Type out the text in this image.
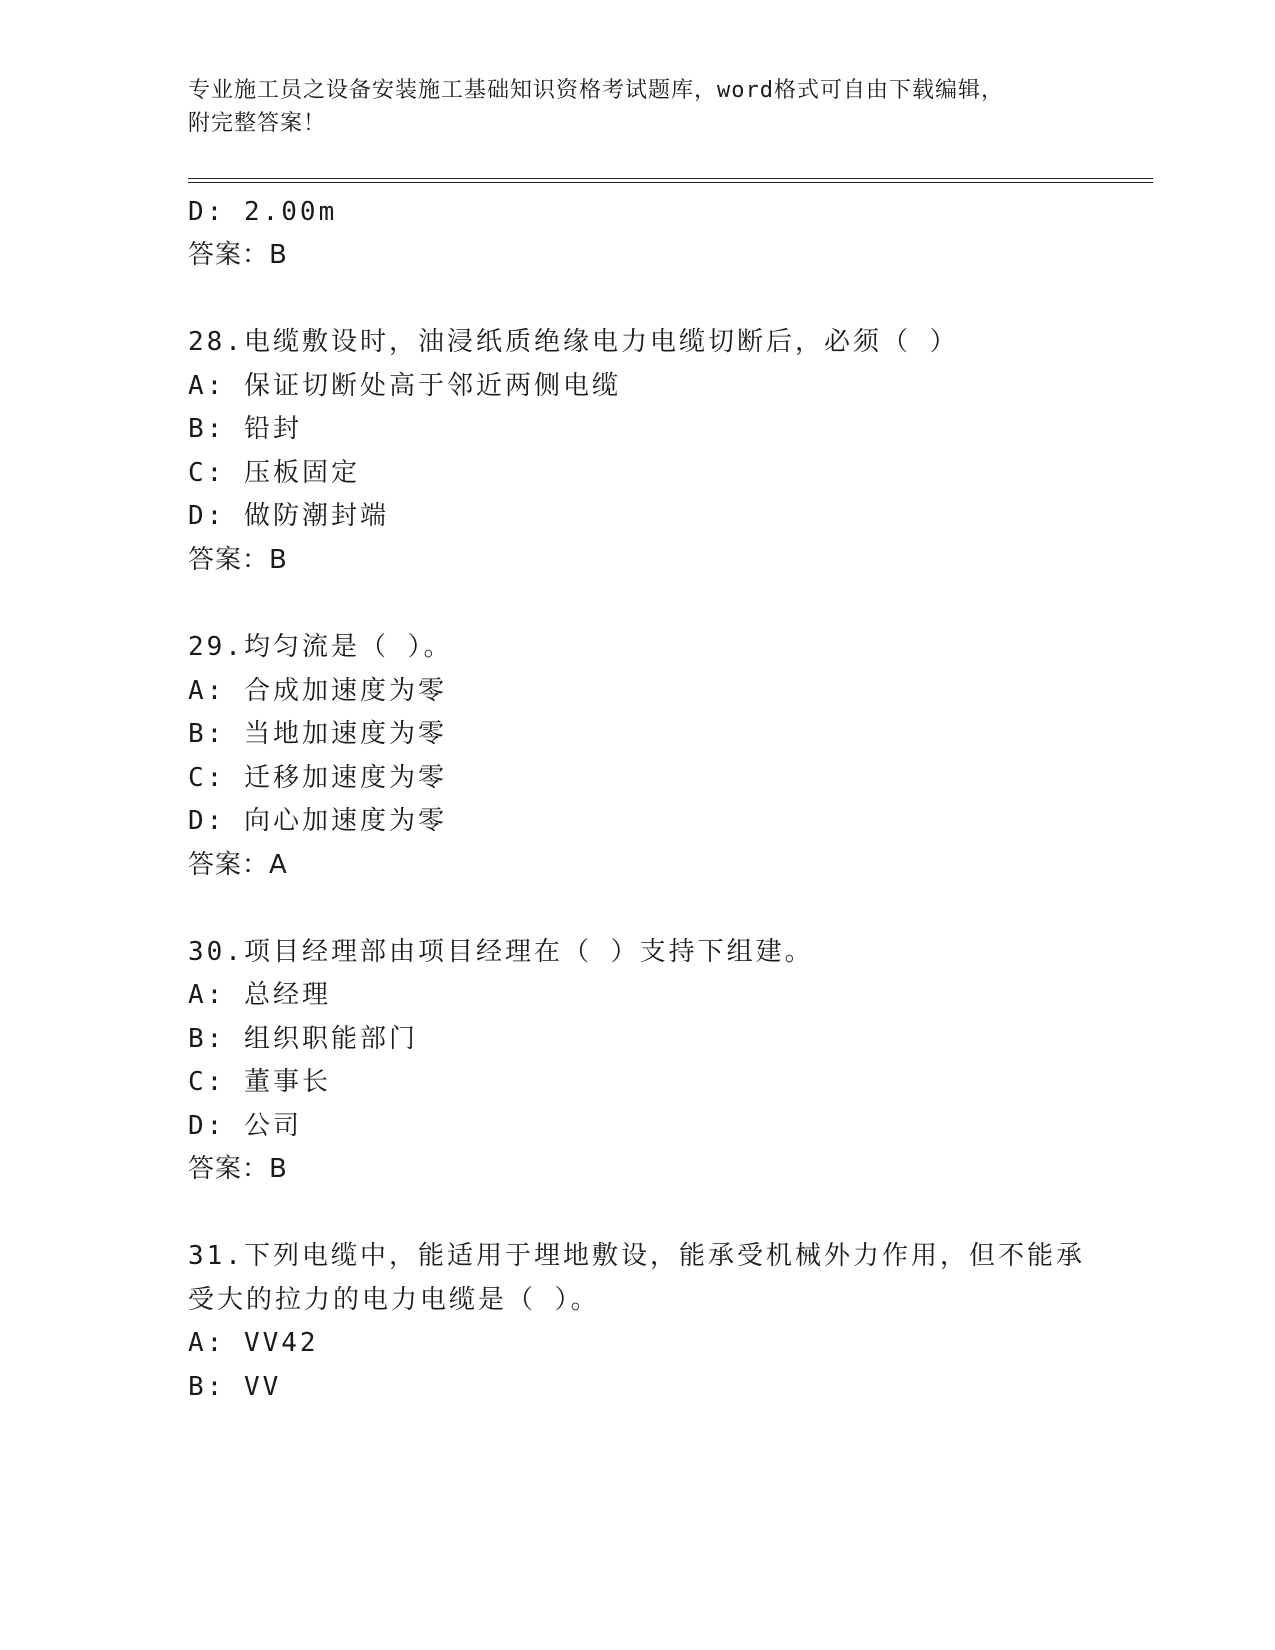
专业施工员之设备安装施工基础知识资格考试题库，word格式可自由下载编辑，
附完整答案！
D: 2.00m
答案：B
28.电缆敷设时，油浸纸质绝缘电力电缆切断后，必须（ ）
A: 保证切断处高于邻近两侧电缆
B: 铅封
C: 压板固定
D: 做防潮封端
答案：B
29.均匀流是（ ）。
A: 合成加速度为零
B: 当地加速度为零
C: 迁移加速度为零
D: 向心加速度为零
答案：A
30.项目经理部由项目经理在（ ）支持下组建。
A: 总经理
B: 组织职能部门
C: 董事长
D: 公司
答案：B
31.下列电缆中，能适用于埋地敷设，能承受机械外力作用，但不能承
受大的拉力的电力电缆是（ ）。
A: VV42
B: VV
